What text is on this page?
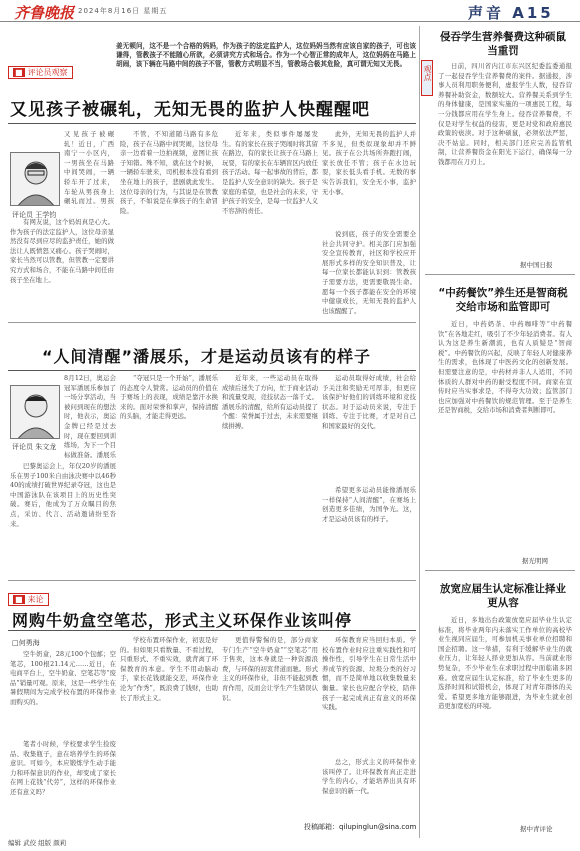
齐鲁晚报 2024年8月16日 星期五	声音 A15
姜无顿问，这不是一个合格的妈妈，作为孩子的法定监护人，这位妈妈当然有应该自家的孩子，可也该谦得，管教孩子不能随心所欲，必须讲究方式和场合。作为一个心智正常的成年人，这位妈妈在马路上胡闹，该下辆在马路中间的孩子不管，管教方式明显不当，管教场合极其危险，真可谓无知又无畏。
■ 评论员观察
又见孩子被碾轧，无知无畏的监护人快醒醒吧
评论员 王学钧
又见孩子被碾轧！近日，广西南宁一小区内，一男孩坐在马路中间哭闹，一辆轿车开了过来，车轮从男孩身上碾轧而过。男孩
有网友说，这个妈妈真是心大。作为孩子的法定监护人，这位母亲显然没有尽到应尽的监护责任，她的做法让人既愤怒又痛心。孩子哭闹时，家长当然可以管教，但管教一定要讲究方式和场合，不能在马路中间任由孩子坐在地上。
不管，不知道随马路有多危险，孩子在马路中间哭闹，这位母亲一边看着一边拍视频，意图让孩子知错。殊不知，就在这个时候，一辆轿车驶来，司机根本没有看到坐在地上的孩子，悲剧就此发生。这位母亲的行为，与其说是在管教孩子，不如说是在拿孩子的生命冒险。
近年来，类似事件屡屡发生。有的家长在孩子哭闹时将其留在路边，有的家长让孩子在马路上玩耍，有的家长在车辆盲区内放任孩子活动。每一起事故的背后，都是监护人安全意识的缺失。孩子是家庭的希望，也是社会的未来，守护孩子的安全，是每一位监护人义不容辞的责任。
此外，无知无畏的监护人并不多见，但类似现象却并不鲜见。孩子在公共场所奔跑打闹，家长放任不管；孩子在水边玩耍，家长低头看手机。无数的事实告诉我们，安全无小事，监护无小事。
说到底，孩子的安全需要全社会共同守护。相关部门应加强安全宣传教育，社区和学校应开展形式多样的安全知识普及，让每一位家长都能认识到：管教孩子需要方法，更需要敬畏生命。愿每一个孩子都能在安全的环境中健康成长，无知无畏的监护人也该醒醒了。
“人间清醒”潘展乐，才是运动员该有的样子
评论员 朱文龙
8月12日，奥运会冠军潘展乐参加了一场分享活动，当被问到现在的想法时，他表示，奥运金牌已经是过去时，现在要回到训练场，为下一个目标做准备。潘展乐
巴黎奥运会上，年仅20岁的潘展乐在男子100米自由泳决赛中以46秒40的成绩打破世界纪录夺冠，这也是中国游泳队在该项目上的历史性突破。赛后，他成为了万众瞩目的焦点，采访、代言、活动邀请纷至沓来。
“夺冠只是一个开始”，潘展乐的态度令人赞赏。运动员的价值在于赛场上的表现，成绩是靠汗水换来的。面对荣誉和掌声，保持清醒的头脑，才能走得更远。
近年来，一些运动员在取得成绩后迷失了方向，忙于商业活动和流量变现，竞技状态一落千丈。潘展乐的清醒，给所有运动员提了个醒：荣誉属于过去，未来需要继续拼搏。
运动员取得好成绩，社会给予关注和奖励无可厚非，但更应该保护好他们的训练环境和竞技状态。对于运动员来说，专注于训练、专注于比赛，才是对自己和国家最好的交代。
希望更多运动员能像潘展乐一样保持“人间清醒”，在赛场上创造更多佳绩，为国争光。这，才是运动员该有的样子。
■ 来论
网购牛奶盒空笔芯，形式主义环保作业该叫停
□何勇海
空牛奶盒，28元100个包邮；空笔芯，100根21.14元……近日，在电商平台上，空牛奶盒、空笔芯等“废品”销量可观。原来，这是一些学生在暑假期间为完成学校布置的环保作业而购买的。
笔者小时候，学校要求学生捡废品、收集瓶子，意在培养学生的环保意识。可如今，本应锻炼学生动手能力和环保意识的作业，却变成了家长在网上花钱“代劳”，这样的环保作业还有意义吗？
学校布置环保作业，初衷是好的。但如果只看数量、不看过程，只重形式、不重实效，就背离了环保教育的本意。学生不用动脑动手，家长花钱就能交差，环保作业沦为“作秀”，既浪费了钱财，也助长了形式主义。
更值得警惕的是，部分商家专门生产“空牛奶盒”“空笔芯”用于售卖，这本身就是一种资源浪费，与环保的初衷背道而驰。形式主义的环保作业，非但不能起到教育作用，反而会让学生产生错误认识。
环保教育应当回归本质。学校布置作业时应注重实践性和可操作性，引导学生在日常生活中养成节约资源、垃圾分类的好习惯，而不是简单地以收集数量来衡量。家长也应配合学校，陪伴孩子一起完成真正有意义的环保实践。
总之，形式主义的环保作业该叫停了。让环保教育真正走进学生的内心，才能培养出具有环保意识的新一代。
编辑 武佼 组版 颜莉
投稿邮箱：qilupinglun@sina.com
观点
侵吞学生营养餐费这种硕鼠当重罚
日前，四川省内江市东兴区纪委监委通报了一起侵吞学生营养餐费的案件。据通报，涉事人员利用职务便利，虚报学生人数，侵吞营养餐补助资金，数额较大。营养餐关系到学生的身体健康，是国家实施的一项惠民工程，每一分钱都应用在学生身上。侵吞营养餐费，不仅是对学生权益的侵害，更是对党和政府惠民政策的亵渎。对于这种硕鼠，必须依法严惩，决不姑息。同时，相关部门还应完善监管机制，让营养餐资金在阳光下运行，确保每一分钱都用在刀刃上。
据中国日报
“中药餐饮”养生还是智商税交给市场和监管即可
近日，中药奶茶、中药咖啡等“中药餐饮”在各地走红，吸引了不少年轻消费者。有人认为这是养生新潮流，也有人质疑是“智商税”。中药餐饮的兴起，反映了年轻人对健康养生的需求，也体现了中医药文化的创新发展。但需要注意的是，中药材并非人人适用，不同体质的人群对中药的耐受程度不同。商家在宣传时应当实事求是，不得夸大功效；监管部门也应加强对中药餐饮的规范管理。至于是养生还是智商税，交给市场和消费者判断即可。
据光明网
放宽应届生认定标准让择业更从容
近日，多地出台政策放宽应届毕业生认定标准，将毕业两年内未落实工作单位的高校毕业生视同应届生，可参加机关事业单位招聘和国企招聘。这一举措，有利于缓解毕业生的就业压力，让年轻人择业更加从容。当前就业形势复杂，不少毕业生在求职过程中面临诸多困难。放宽应届生认定标准，给了毕业生更多的选择时间和试错机会，体现了对青年群体的关爱。希望更多地方能够跟进，为毕业生就业创造更加宽松的环境。
据中青评论
